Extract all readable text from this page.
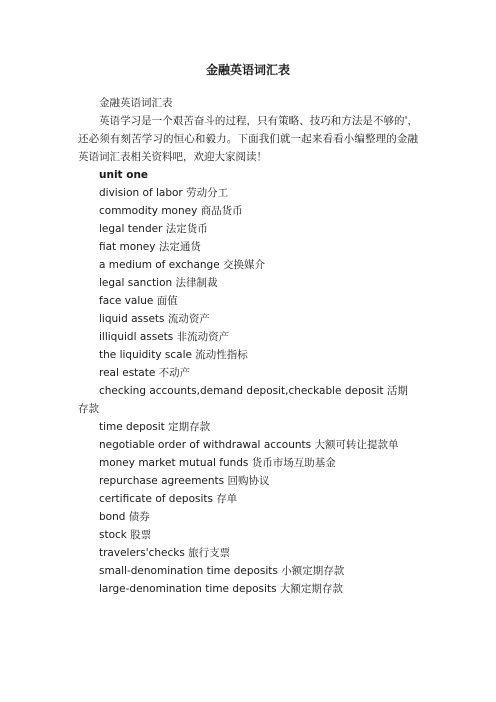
金融英语词汇表

金融英语词汇表

英语学习是一个艰苦奋斗的过程，只有策略、技巧和方法是不够的'，还必须有刻苦学习的恒心和毅力。下面我们就一起来看看小编整理的金融英语词汇表相关资料吧，欢迎大家阅读！

unit one

division of labor 劳动分工

commodity money 商品货币

legal tender 法定货币

fiat money 法定通货

a medium of exchange 交换媒介

legal sanction 法律制裁

face value 面值

liquid assets 流动资产

illiquidl assets 非流动资产

the liquidity scale 流动性指标

real estate 不动产

checking accounts,demand deposit,checkable deposit 活期存款

time deposit 定期存款

negotiable order of withdrawal accounts 大额可转让提款单

money market mutual funds 货币市场互助基金

repurchase agreements 回购协议

certificate of deposits 存单

bond 债券

stock 股票

travelers'checks 旅行支票

small-denomination time deposits 小额定期存款

large-denomination time deposits 大额定期存款
